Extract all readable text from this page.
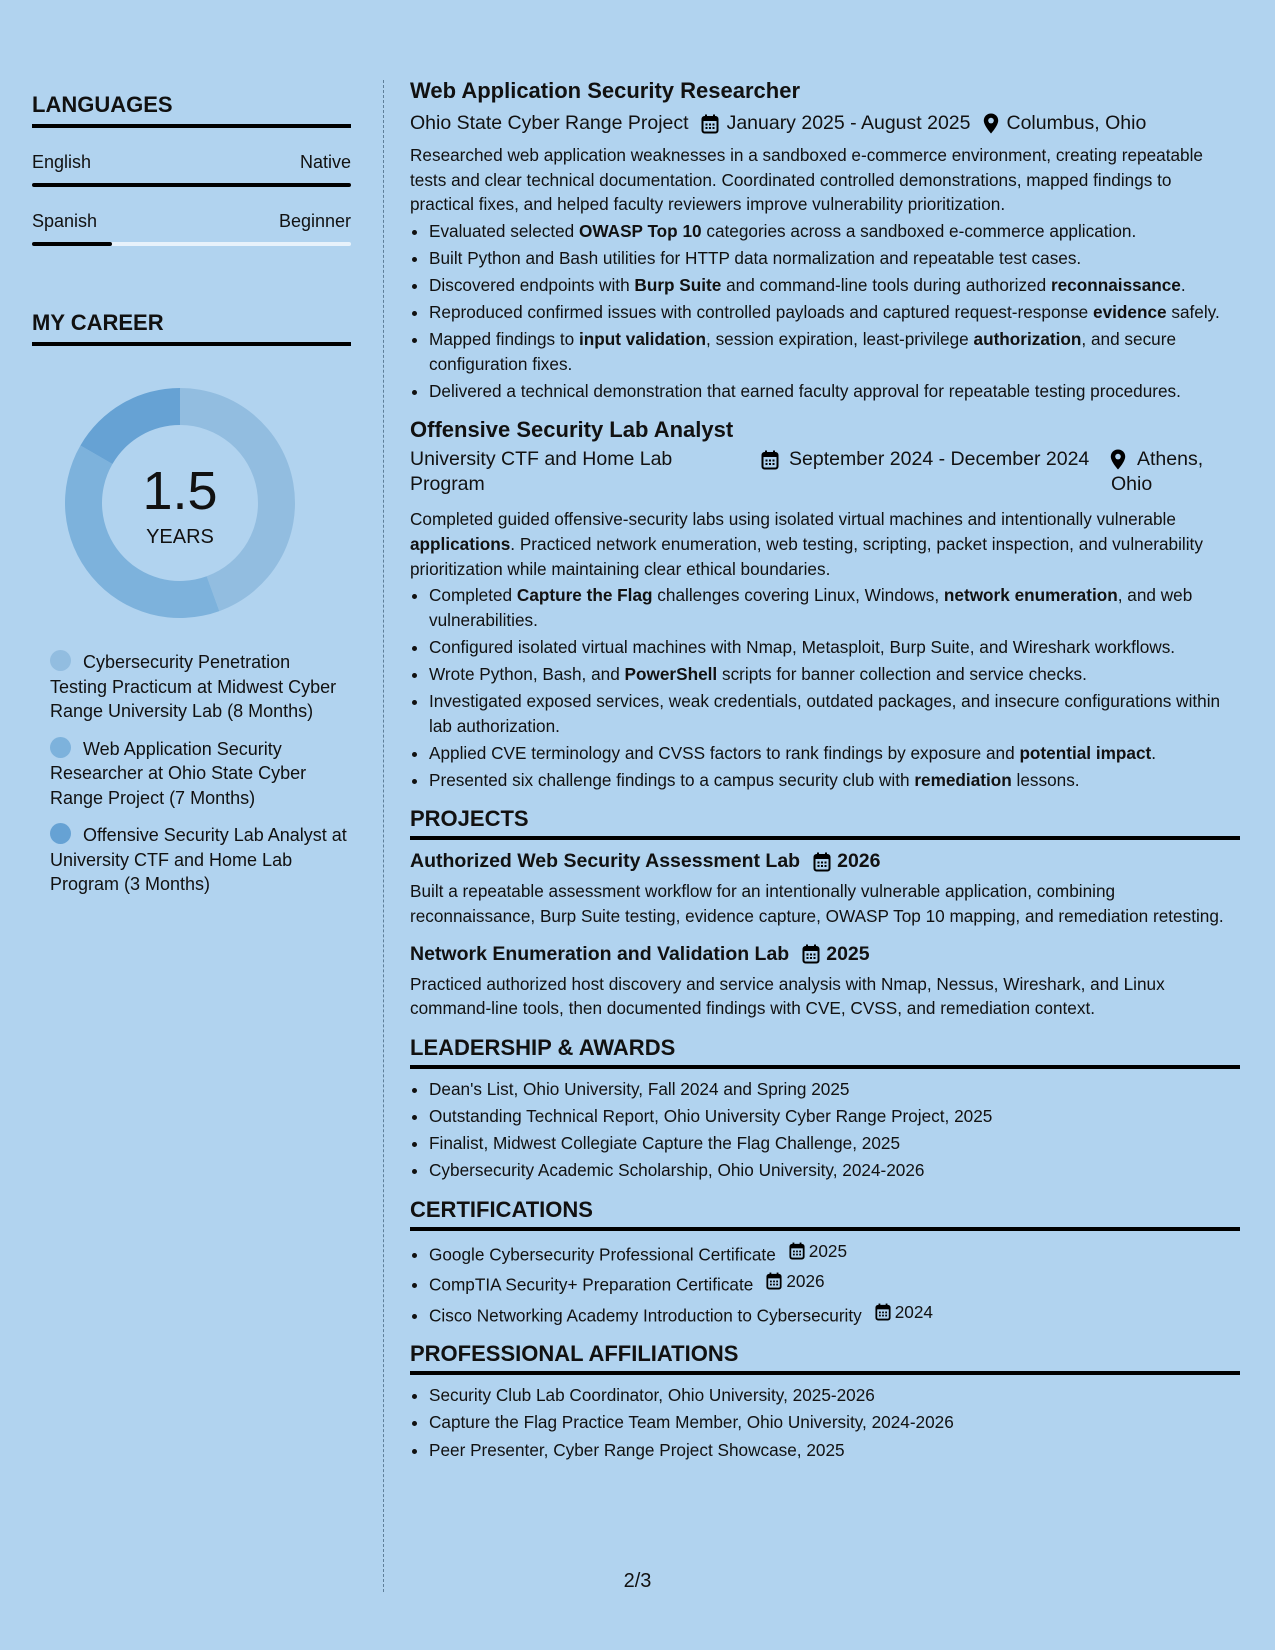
LANGUAGES
English	Native
Spanish	Beginner
MY CAREER
1.5
YEARS
Cybersecurity Penetration Testing Practicum at Midwest Cyber Range University Lab (8 Months)
Web Application Security Researcher at Ohio State Cyber Range Project (7 Months)
Offensive Security Lab Analyst at University CTF and Home Lab Program (3 Months)
Web Application Security Researcher
Ohio State Cyber Range Project January 2025 - August 2025 Columbus, Ohio

Researched web application weaknesses in a sandboxed e-commerce environment, creating repeatable tests and clear technical documentation. Coordinated controlled demonstrations, mapped findings to practical fixes, and helped faculty reviewers improve vulnerability prioritization.

• Evaluated selected OWASP Top 10 categories across a sandboxed e-commerce application.
• Built Python and Bash utilities for HTTP data normalization and repeatable test cases.
• Discovered endpoints with Burp Suite and command-line tools during authorized reconnaissance.
• Reproduced confirmed issues with controlled payloads and captured request-response evidence safely.
• Mapped findings to input validation, session expiration, least-privilege authorization, and secure configuration fixes.
• Delivered a technical demonstration that earned faculty approval for repeatable testing procedures.
Offensive Security Lab Analyst
University CTF and Home Lab Program
September 2024 - December 2024	Athens, Ohio

Completed guided offensive-security labs using isolated virtual machines and intentionally vulnerable applications. Practiced network enumeration, web testing, scripting, packet inspection, and vulnerability prioritization while maintaining clear ethical boundaries.

• Completed Capture the Flag challenges covering Linux, Windows, network enumeration, and web vulnerabilities.
• Configured isolated virtual machines with Nmap, Metasploit, Burp Suite, and Wireshark workflows.
• Wrote Python, Bash, and PowerShell scripts for banner collection and service checks.
• Investigated exposed services, weak credentials, outdated packages, and insecure configurations within lab authorization.
• Applied CVE terminology and CVSS factors to rank findings by exposure and potential impact.
• Presented six challenge findings to a campus security club with remediation lessons.
PROJECTS
Authorized Web Security Assessment Lab 2026

Built a repeatable assessment workflow for an intentionally vulnerable application, combining reconnaissance, Burp Suite testing, evidence capture, OWASP Top 10 mapping, and remediation retesting.

Network Enumeration and Validation Lab 2025

Practiced authorized host discovery and service analysis with Nmap, Nessus, Wireshark, and Linux command-line tools, then documented findings with CVE, CVSS, and remediation context.

LEADERSHIP & AWARDS
• Dean's List, Ohio University, Fall 2024 and Spring 2025
• Outstanding Technical Report, Ohio University Cyber Range Project, 2025
• Finalist, Midwest Collegiate Capture the Flag Challenge, 2025
• Cybersecurity Academic Scholarship, Ohio University, 2024-2026
CERTIFICATIONS
• Google Cybersecurity Professional Certificate 2025
• CompTIA Security+ Preparation Certificate 2026
• Cisco Networking Academy Introduction to Cybersecurity 2024
PROFESSIONAL AFFILIATIONS
• Security Club Lab Coordinator, Ohio University, 2025-2026
• Capture the Flag Practice Team Member, Ohio University, 2024-2026
• Peer Presenter, Cyber Range Project Showcase, 2025
2/3
